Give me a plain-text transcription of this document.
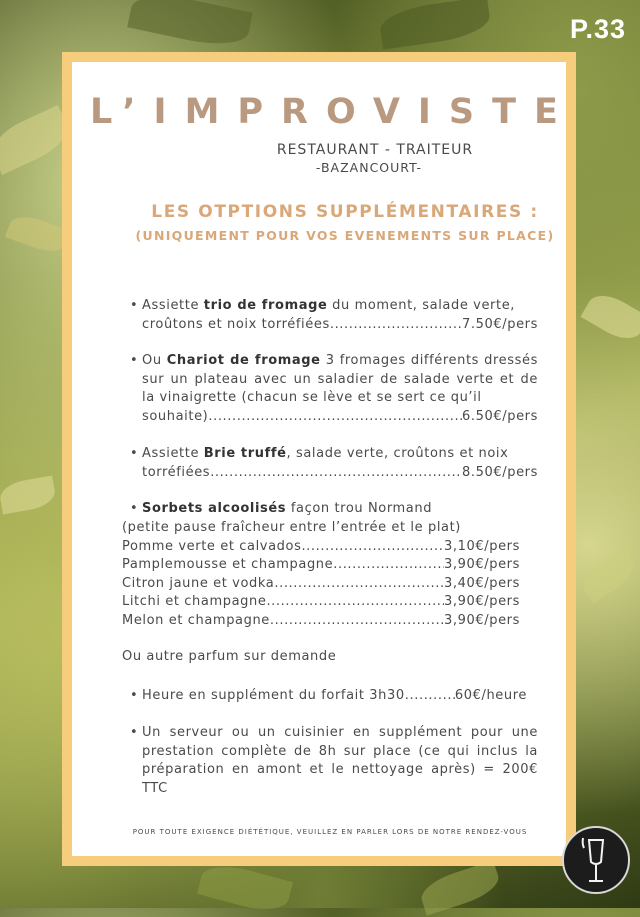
P.33
L’IMPROVISTE
RESTAURANT - TRAITEUR
-BAZANCOURT-
LES OTPTIONS SUPPLÉMENTAIRES :
(UNIQUEMENT POUR VOS EVENEMENTS SUR PLACE)
• Assiette trio de fromage du moment, salade verte,
croûtons et noix torréfiées .....	7.50€/pers
• Ou Chariot de fromage 3 fromages différents dressés sur un plateau avec un saladier de salade verte et de la vinaigrette (chacun se lève et se sert ce qu’il
souhaite) .....	6.50€/pers
• Assiette Brie truffé, salade verte, croûtons et noix
torréfiées .....	8.50€/pers
• Sorbets alcoolisés façon trou Normand
(petite pause fraîcheur entre l’entrée et le plat)
Pomme verte et calvados .....	3,10€/pers
Pamplemousse et champagne .....	3,90€/pers
Citron jaune et vodka .....	3,40€/pers
Litchi et champagne .....	3,90€/pers
Melon et champagne .....	3,90€/pers
Ou autre parfum sur demande
• Heure en supplément du forfait 3h30 .....	60€/heure
• Un serveur ou un cuisinier en supplément pour une prestation complète de 8h sur place (ce qui inclus la préparation en amont et le nettoyage après) = 200€ TTC
POUR TOUTE EXIGENCE DIÉTÉTIQUE, VEUILLEZ EN PARLER LORS DE NOTRE RENDEZ-VOUS
